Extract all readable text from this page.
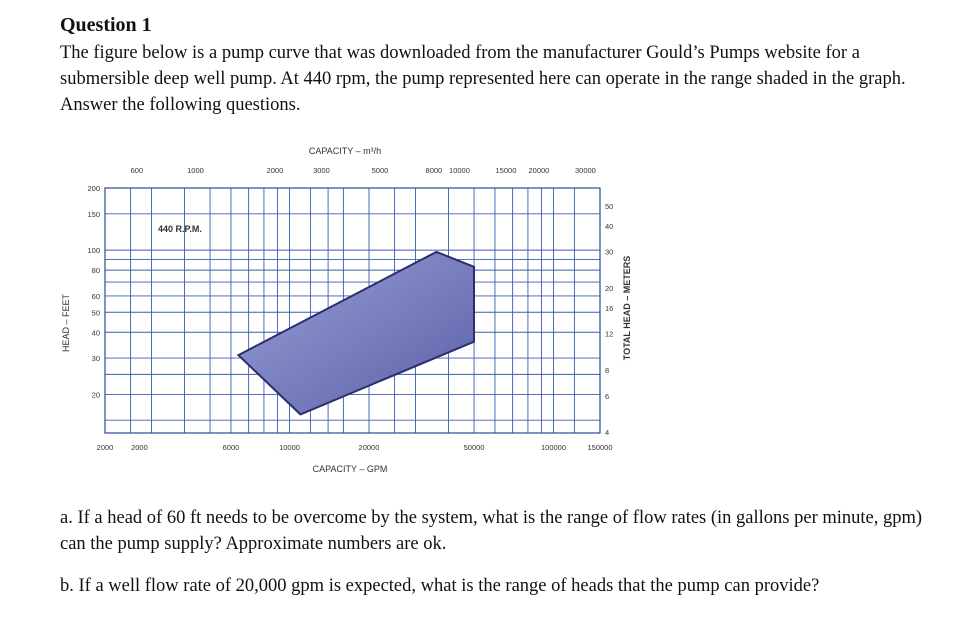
Question 1
The figure below is a pump curve that was downloaded from the manufacturer Gould’s Pumps website for a submersible deep well pump. At 440 rpm, the pump represented here can operate in the range shaded in the graph. Answer the following questions.
2000 2000	6000	10000	20000	50000	100000	150000
600	1000	2000	3000	5000	8000 10000	15000 20000	30000
200
150
100
80
60
50
40
30
20
50
40
30
20
16
12
8
6
4
CAPACITY – m³/h
CAPACITY – GPM
HEAD – FEET	TOTAL HEAD – METERS
440 R.P.M.
a. If a head of 60 ft needs to be overcome by the system, what is the range of flow rates (in gallons per minute, gpm) can the pump supply? Approximate numbers are ok.
b. If a well flow rate of 20,000 gpm is expected, what is the range of heads that the pump can provide?
